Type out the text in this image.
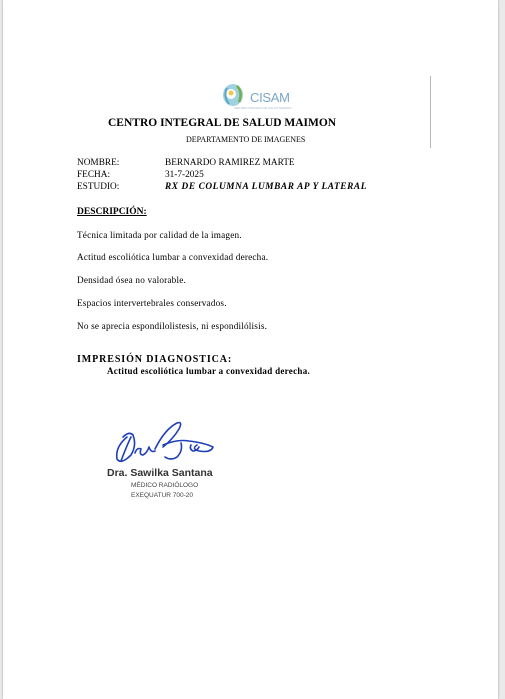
CISAM
CENTRO INTEGRAL DE SALUD MAIMON
CENTRO INTEGRAL DE SALUD MAIMON
DEPARTAMENTO DE IMAGENES
NOMBRE:	BERNARDO RAMIREZ MARTE
FECHA:	31-7-2025
ESTUDIO:	RX DE COLUMNA LUMBAR AP Y LATERAL
DESCRIPCIÓN:
Técnica limitada por calidad de la imagen.
Actitud escoliótica lumbar a convexidad derecha.
Densidad ósea no valorable.
Espacios intervertebrales conservados.
No se aprecia espondilolistesis, ni espondilólisis.
IMPRESIÓN DIAGNOSTICA:
Actitud escoliótica lumbar a convexidad derecha.
Dra. Sawilka Santana
MÉDICO RADIÓLOGO
EXEQUATUR 700-20
